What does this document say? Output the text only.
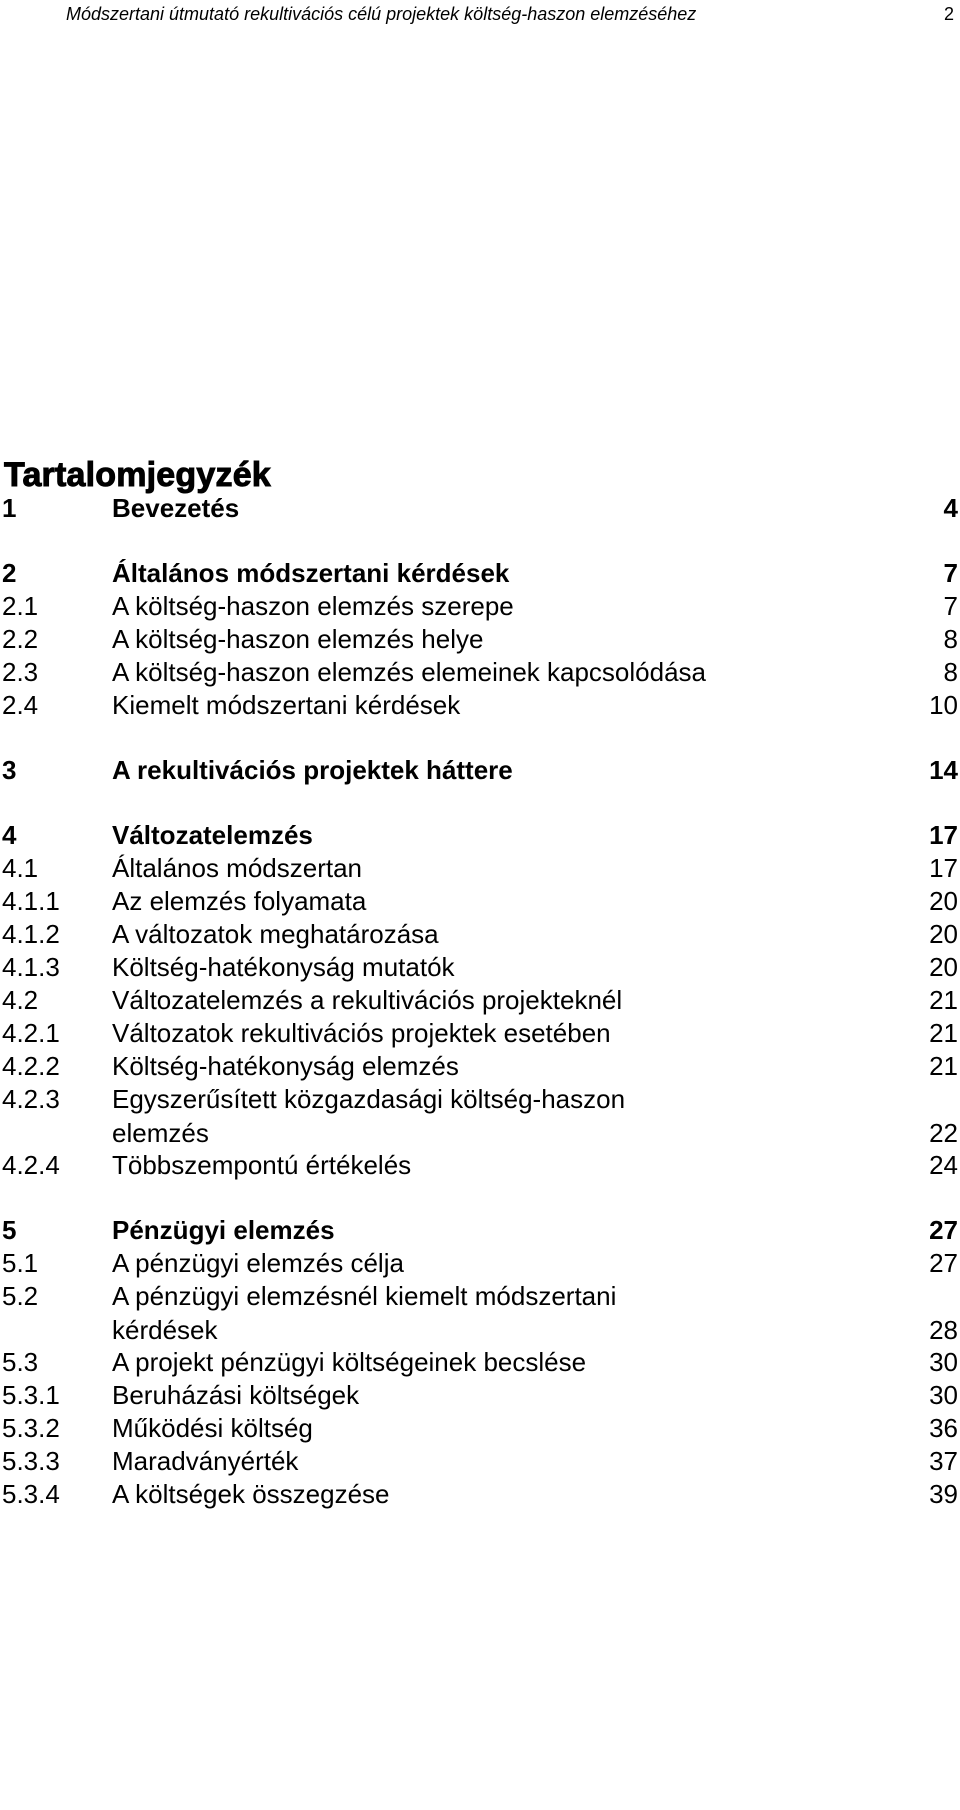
Módszertani útmutató rekultivációs célú projektek költség-haszon elemzéséhez	2
Tartalomjegyzék
1	Bevezetés	4
2	Általános módszertani kérdések	7
2.1	A költség-haszon elemzés szerepe	7
2.2	A költség-haszon elemzés helye	8
2.3	A költség-haszon elemzés elemeinek kapcsolódása	8
2.4	Kiemelt módszertani kérdések	10
3	A rekultivációs projektek háttere	14
4	Változatelemzés	17
4.1	Általános módszertan	17
4.1.1 Az elemzés folyamata	20
4.1.2 A változatok meghatározása	20
4.1.3 Költség-hatékonyság mutatók	20
4.2	Változatelemzés a rekultivációs projekteknél	21
4.2.1 Változatok rekultivációs projektek esetében	21
4.2.2 Költség-hatékonyság elemzés	21
4.2.3 Egyszerűsített közgazdasági költség-haszon
elemzés	22
4.2.4 Többszempontú értékelés	24
5	Pénzügyi elemzés	27
5.1	A pénzügyi elemzés célja	27
5.2	A pénzügyi elemzésnél kiemelt módszertani
kérdések	28
5.3	A projekt pénzügyi költségeinek becslése	30
5.3.1 Beruházási költségek	30
5.3.2 Működési költség	36
5.3.3 Maradványérték	37
5.3.4 A költségek összegzése	39
